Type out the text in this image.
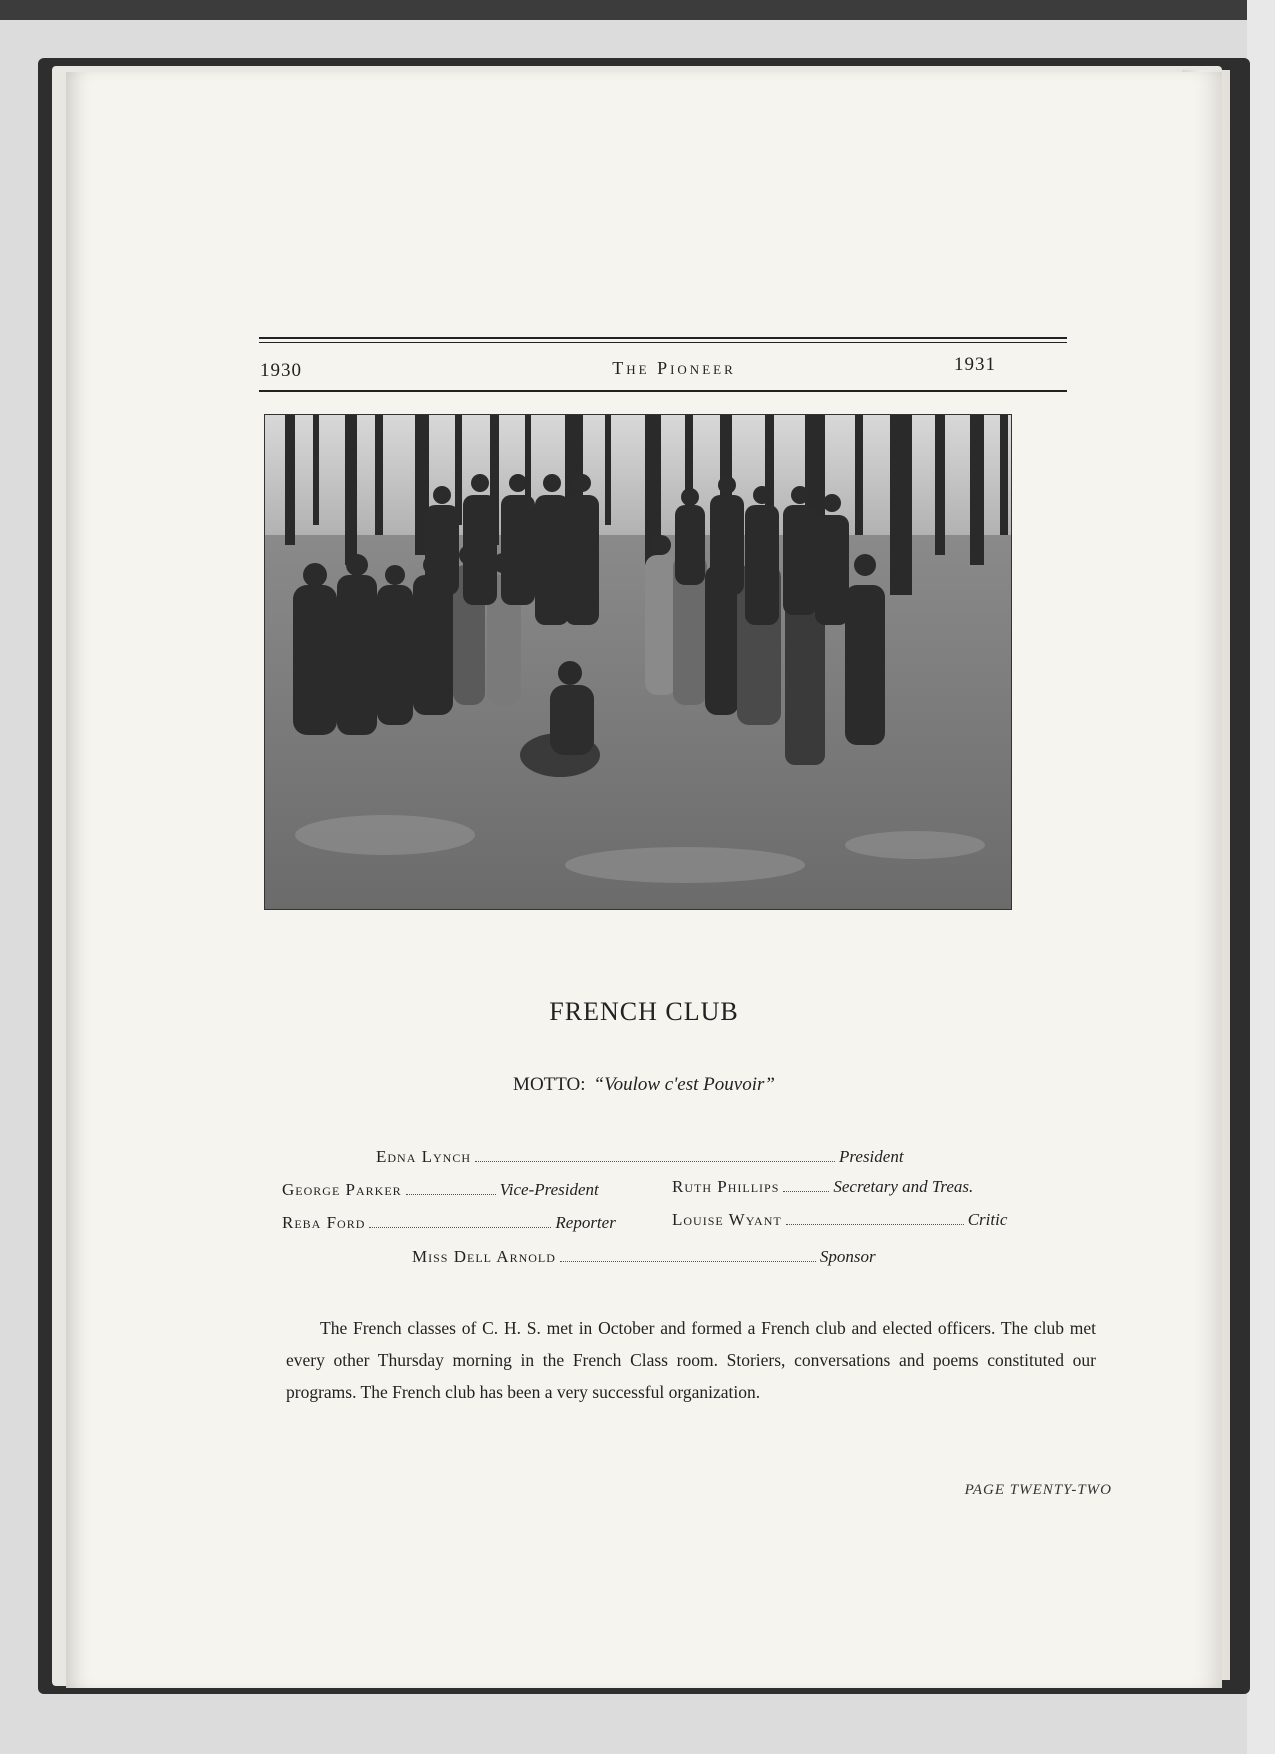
1930	The Pioneer	1931
FRENCH CLUB
MOTTO: “Voulow c'est Pouvoir”
Edna Lynch	President
George Parker	Vice-President	Ruth Phillips	Secretary and Treas.
Reba Ford	Reporter	Louise Wyant	Critic
Miss Dell Arnold	Sponsor
The French classes of C. H. S. met in October and formed a French club and elected officers. The club met every other Thursday morning in the French Class room. Storiers, conversations and poems constituted our programs. The French club has been a very successful organization.
PAGE TWENTY-TWO
